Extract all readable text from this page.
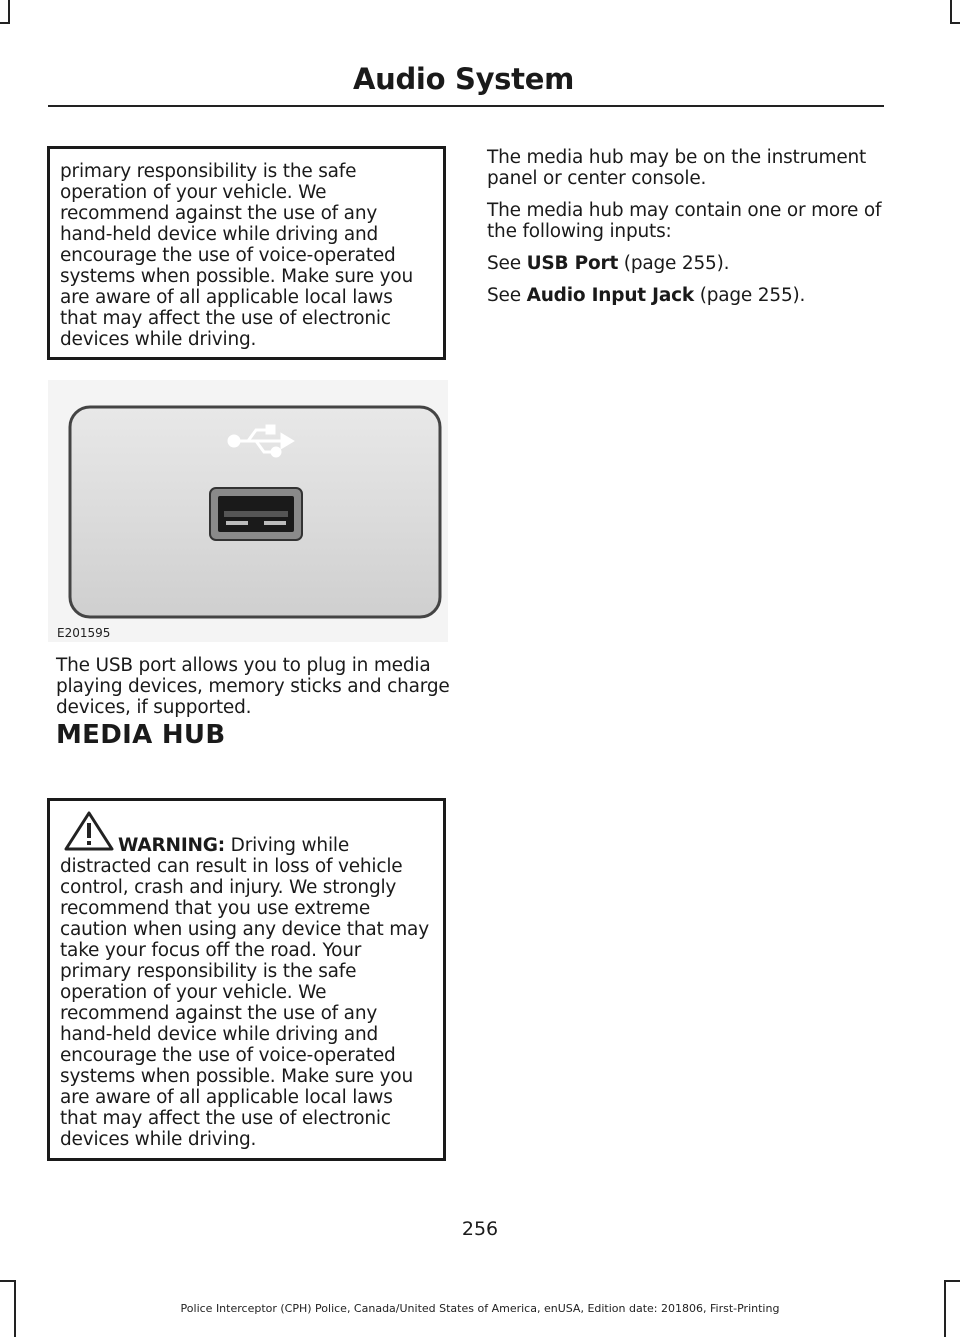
Audio System

primary responsibility is the safe operation of your vehicle. We recommend against the use of any hand-held device while driving and encourage the use of voice-operated systems when possible. Make sure you are aware of all applicable local laws that may affect the use of electronic devices while driving.

E201595

The USB port allows you to plug in media playing devices, memory sticks and charge devices, if supported.

MEDIA HUB

WARNING: Driving while distracted can result in loss of vehicle control, crash and injury. We strongly recommend that you use extreme caution when using any device that may take your focus off the road. Your primary responsibility is the safe operation of your vehicle. We recommend against the use of any hand-held device while driving and encourage the use of voice-operated systems when possible. Make sure you are aware of all applicable local laws that may affect the use of electronic devices while driving.

The media hub may be on the instrument panel or center console.

The media hub may contain one or more of the following inputs:

See USB Port (page 255).

See Audio Input Jack (page 255).

256
Police Interceptor (CPH) Police, Canada/United States of America, enUSA, Edition date: 201806, First-Printing
